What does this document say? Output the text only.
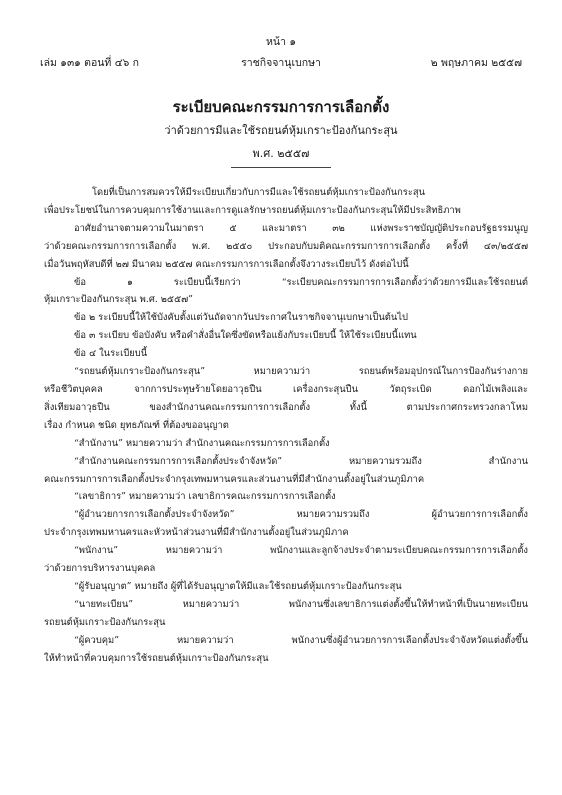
หน้า ๑
เล่ม ๑๓๑ ตอนที่ ๔๖ ก	ราชกิจจานุเบกษา	๒ พฤษภาคม ๒๕๕๗
ระเบียบคณะกรรมการการเลือกตั้ง
ว่าด้วยการมีและใช้รถยนต์หุ้มเกราะป้องกันกระสุน
พ.ศ. ๒๕๕๗

โดยที่เป็นการสมควรให้มีระเบียบเกี่ยวกับการมีและใช้รถยนต์หุ้มเกราะป้องกันกระสุน

เพื่อประโยชน์ในการควบคุมการใช้งานและการดูแลรักษารถยนต์หุ้มเกราะป้องกันกระสุนให้มีประสิทธิภาพ

อาศัยอำนาจตามความในมาตรา ๕ และมาตรา ๓๒ แห่งพระราชบัญญัติประกอบรัฐธรรมนูญ

ว่าด้วยคณะกรรมการการเลือกตั้ง พ.ศ. ๒๕๕๐ ประกอบกับมติคณะกรรมการการเลือกตั้ง ครั้งที่ ๔๓/๒๕๕๗

เมื่อวันพฤหัสบดีที่ ๒๗ มีนาคม ๒๕๕๗ คณะกรรมการการเลือกตั้งจึงวางระเบียบไว้ ดังต่อไปนี้

ข้อ ๑ ระเบียบนี้เรียกว่า “ระเบียบคณะกรรมการการเลือกตั้งว่าด้วยการมีและใช้รถยนต์

หุ้มเกราะป้องกันกระสุน พ.ศ. ๒๕๕๗”

ข้อ ๒ ระเบียบนี้ให้ใช้บังคับตั้งแต่วันถัดจากวันประกาศในราชกิจจานุเบกษาเป็นต้นไป

ข้อ ๓ ระเบียบ ข้อบังคับ หรือคำสั่งอื่นใดซึ่งขัดหรือแย้งกับระเบียบนี้ ให้ใช้ระเบียบนี้แทน

ข้อ ๔ ในระเบียบนี้

“รถยนต์หุ้มเกราะป้องกันกระสุน” หมายความว่า รถยนต์พร้อมอุปกรณ์ในการป้องกันร่างกาย

หรือชีวิตบุคคล จากการประทุษร้ายโดยอาวุธปืน เครื่องกระสุนปืน วัตถุระเบิด ดอกไม้เพลิงและ

สิ่งเทียมอาวุธปืน ของสำนักงานคณะกรรมการการเลือกตั้ง ทั้งนี้ ตามประกาศกระทรวงกลาโหม

เรื่อง กำหนด ชนิด ยุทธภัณฑ์ ที่ต้องขออนุญาต

“สำนักงาน” หมายความว่า สำนักงานคณะกรรมการการเลือกตั้ง

“สำนักงานคณะกรรมการการเลือกตั้งประจำจังหวัด” หมายความรวมถึง สำนักงาน

คณะกรรมการการเลือกตั้งประจำกรุงเทพมหานครและส่วนงานที่มีสำนักงานตั้งอยู่ในส่วนภูมิภาค

“เลขาธิการ” หมายความว่า เลขาธิการคณะกรรมการการเลือกตั้ง

“ผู้อำนวยการการเลือกตั้งประจำจังหวัด” หมายความรวมถึง ผู้อำนวยการการเลือกตั้ง

ประจำกรุงเทพมหานครและหัวหน้าส่วนงานที่มีสำนักงานตั้งอยู่ในส่วนภูมิภาค

“พนักงาน” หมายความว่า พนักงานและลูกจ้างประจำตามระเบียบคณะกรรมการการเลือกตั้ง

ว่าด้วยการบริหารงานบุคคล

“ผู้รับอนุญาต” หมายถึง ผู้ที่ได้รับอนุญาตให้มีและใช้รถยนต์หุ้มเกราะป้องกันกระสุน

“นายทะเบียน” หมายความว่า พนักงานซึ่งเลขาธิการแต่งตั้งขึ้นให้ทำหน้าที่เป็นนายทะเบียน

รถยนต์หุ้มเกราะป้องกันกระสุน

“ผู้ควบคุม” หมายความว่า พนักงานซึ่งผู้อำนวยการการเลือกตั้งประจำจังหวัดแต่งตั้งขึ้น

ให้ทำหน้าที่ควบคุมการใช้รถยนต์หุ้มเกราะป้องกันกระสุน
